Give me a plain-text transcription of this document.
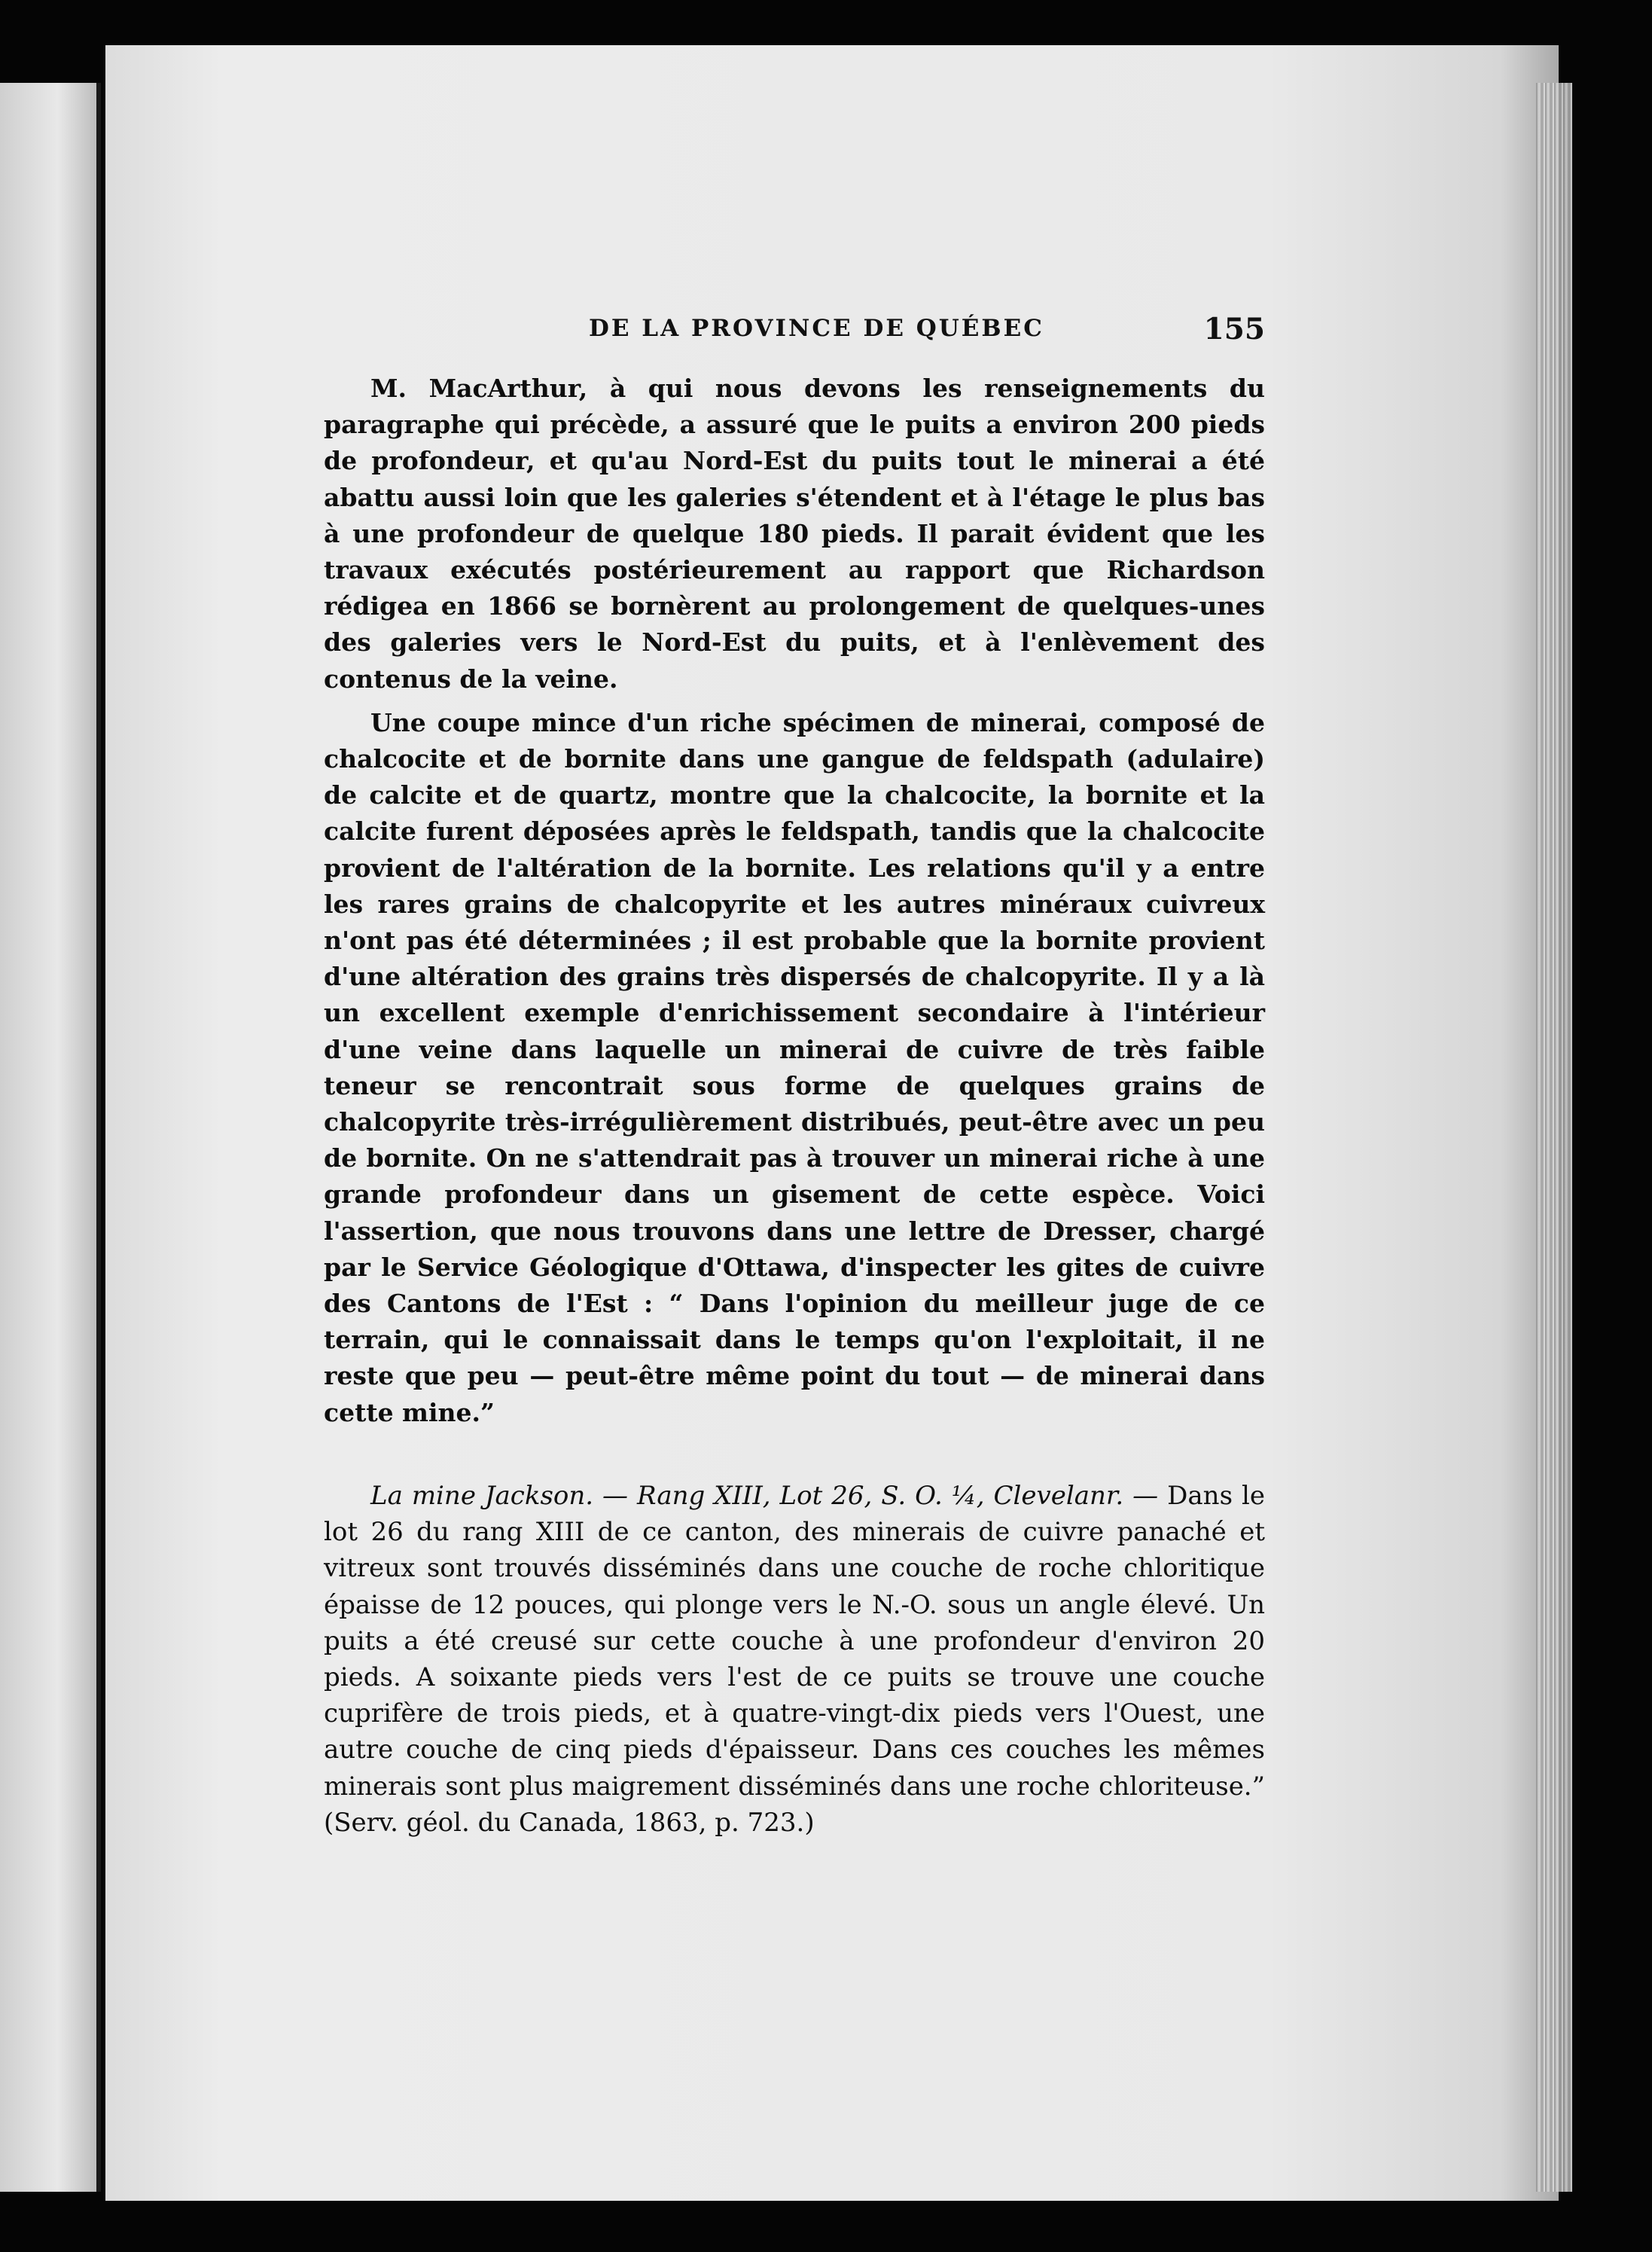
DE LA PROVINCE DE QUÉBEC	155

M. MacArthur, à qui nous devons les renseignements du paragraphe qui précède, a assuré que le puits a environ 200 pieds de profondeur, et qu'au Nord-Est du puits tout le minerai a été abattu aussi loin que les galeries s'étendent et à l'étage le plus bas à une profondeur de quelque 180 pieds. Il parait évident que les travaux exécutés postérieurement au rapport que Richardson rédigea en 1866 se bornèrent au prolongement de quelques-unes des galeries vers le Nord-Est du puits, et à l'enlèvement des contenus de la veine.

Une coupe mince d'un riche spécimen de minerai, composé de chalcocite et de bornite dans une gangue de feldspath (adulaire) de calcite et de quartz, montre que la chalcocite, la bornite et la calcite furent déposées après le feldspath, tandis que la chalcocite provient de l'altération de la bornite. Les relations qu'il y a entre les rares grains de chalcopyrite et les autres minéraux cuivreux n'ont pas été déterminées ; il est probable que la bornite provient d'une altération des grains très dispersés de chalcopyrite. Il y a là un excellent exemple d'enrichissement secondaire à l'intérieur d'une veine dans laquelle un minerai de cuivre de très faible teneur se rencontrait sous forme de quelques grains de chalcopyrite très-irrégulièrement distribués, peut-être avec un peu de bornite. On ne s'attendrait pas à trouver un minerai riche à une grande profondeur dans un gisement de cette espèce. Voici l'assertion, que nous trouvons dans une lettre de Dresser, chargé par le Service Géologique d'Ottawa, d'inspecter les gites de cuivre des Cantons de l'Est : “ Dans l'opinion du meilleur juge de ce terrain, qui le connaissait dans le temps qu'on l'exploitait, il ne reste que peu — peut-être même point du tout — de minerai dans cette mine.”

La mine Jackson. — Rang XIII, Lot 26, S. O. ¼, Clevelanr. — Dans le lot 26 du rang XIII de ce canton, des minerais de cuivre panaché et vitreux sont trouvés disséminés dans une couche de roche chloritique épaisse de 12 pouces, qui plonge vers le N.-O. sous un angle élevé. Un puits a été creusé sur cette couche à une profondeur d'environ 20 pieds. A soixante pieds vers l'est de ce puits se trouve une couche cuprifère de trois pieds, et à quatre-vingt-dix pieds vers l'Ouest, une autre couche de cinq pieds d'épaisseur. Dans ces couches les mêmes minerais sont plus maigrement disséminés dans une roche chloriteuse.” (Serv. géol. du Canada, 1863, p. 723.)
